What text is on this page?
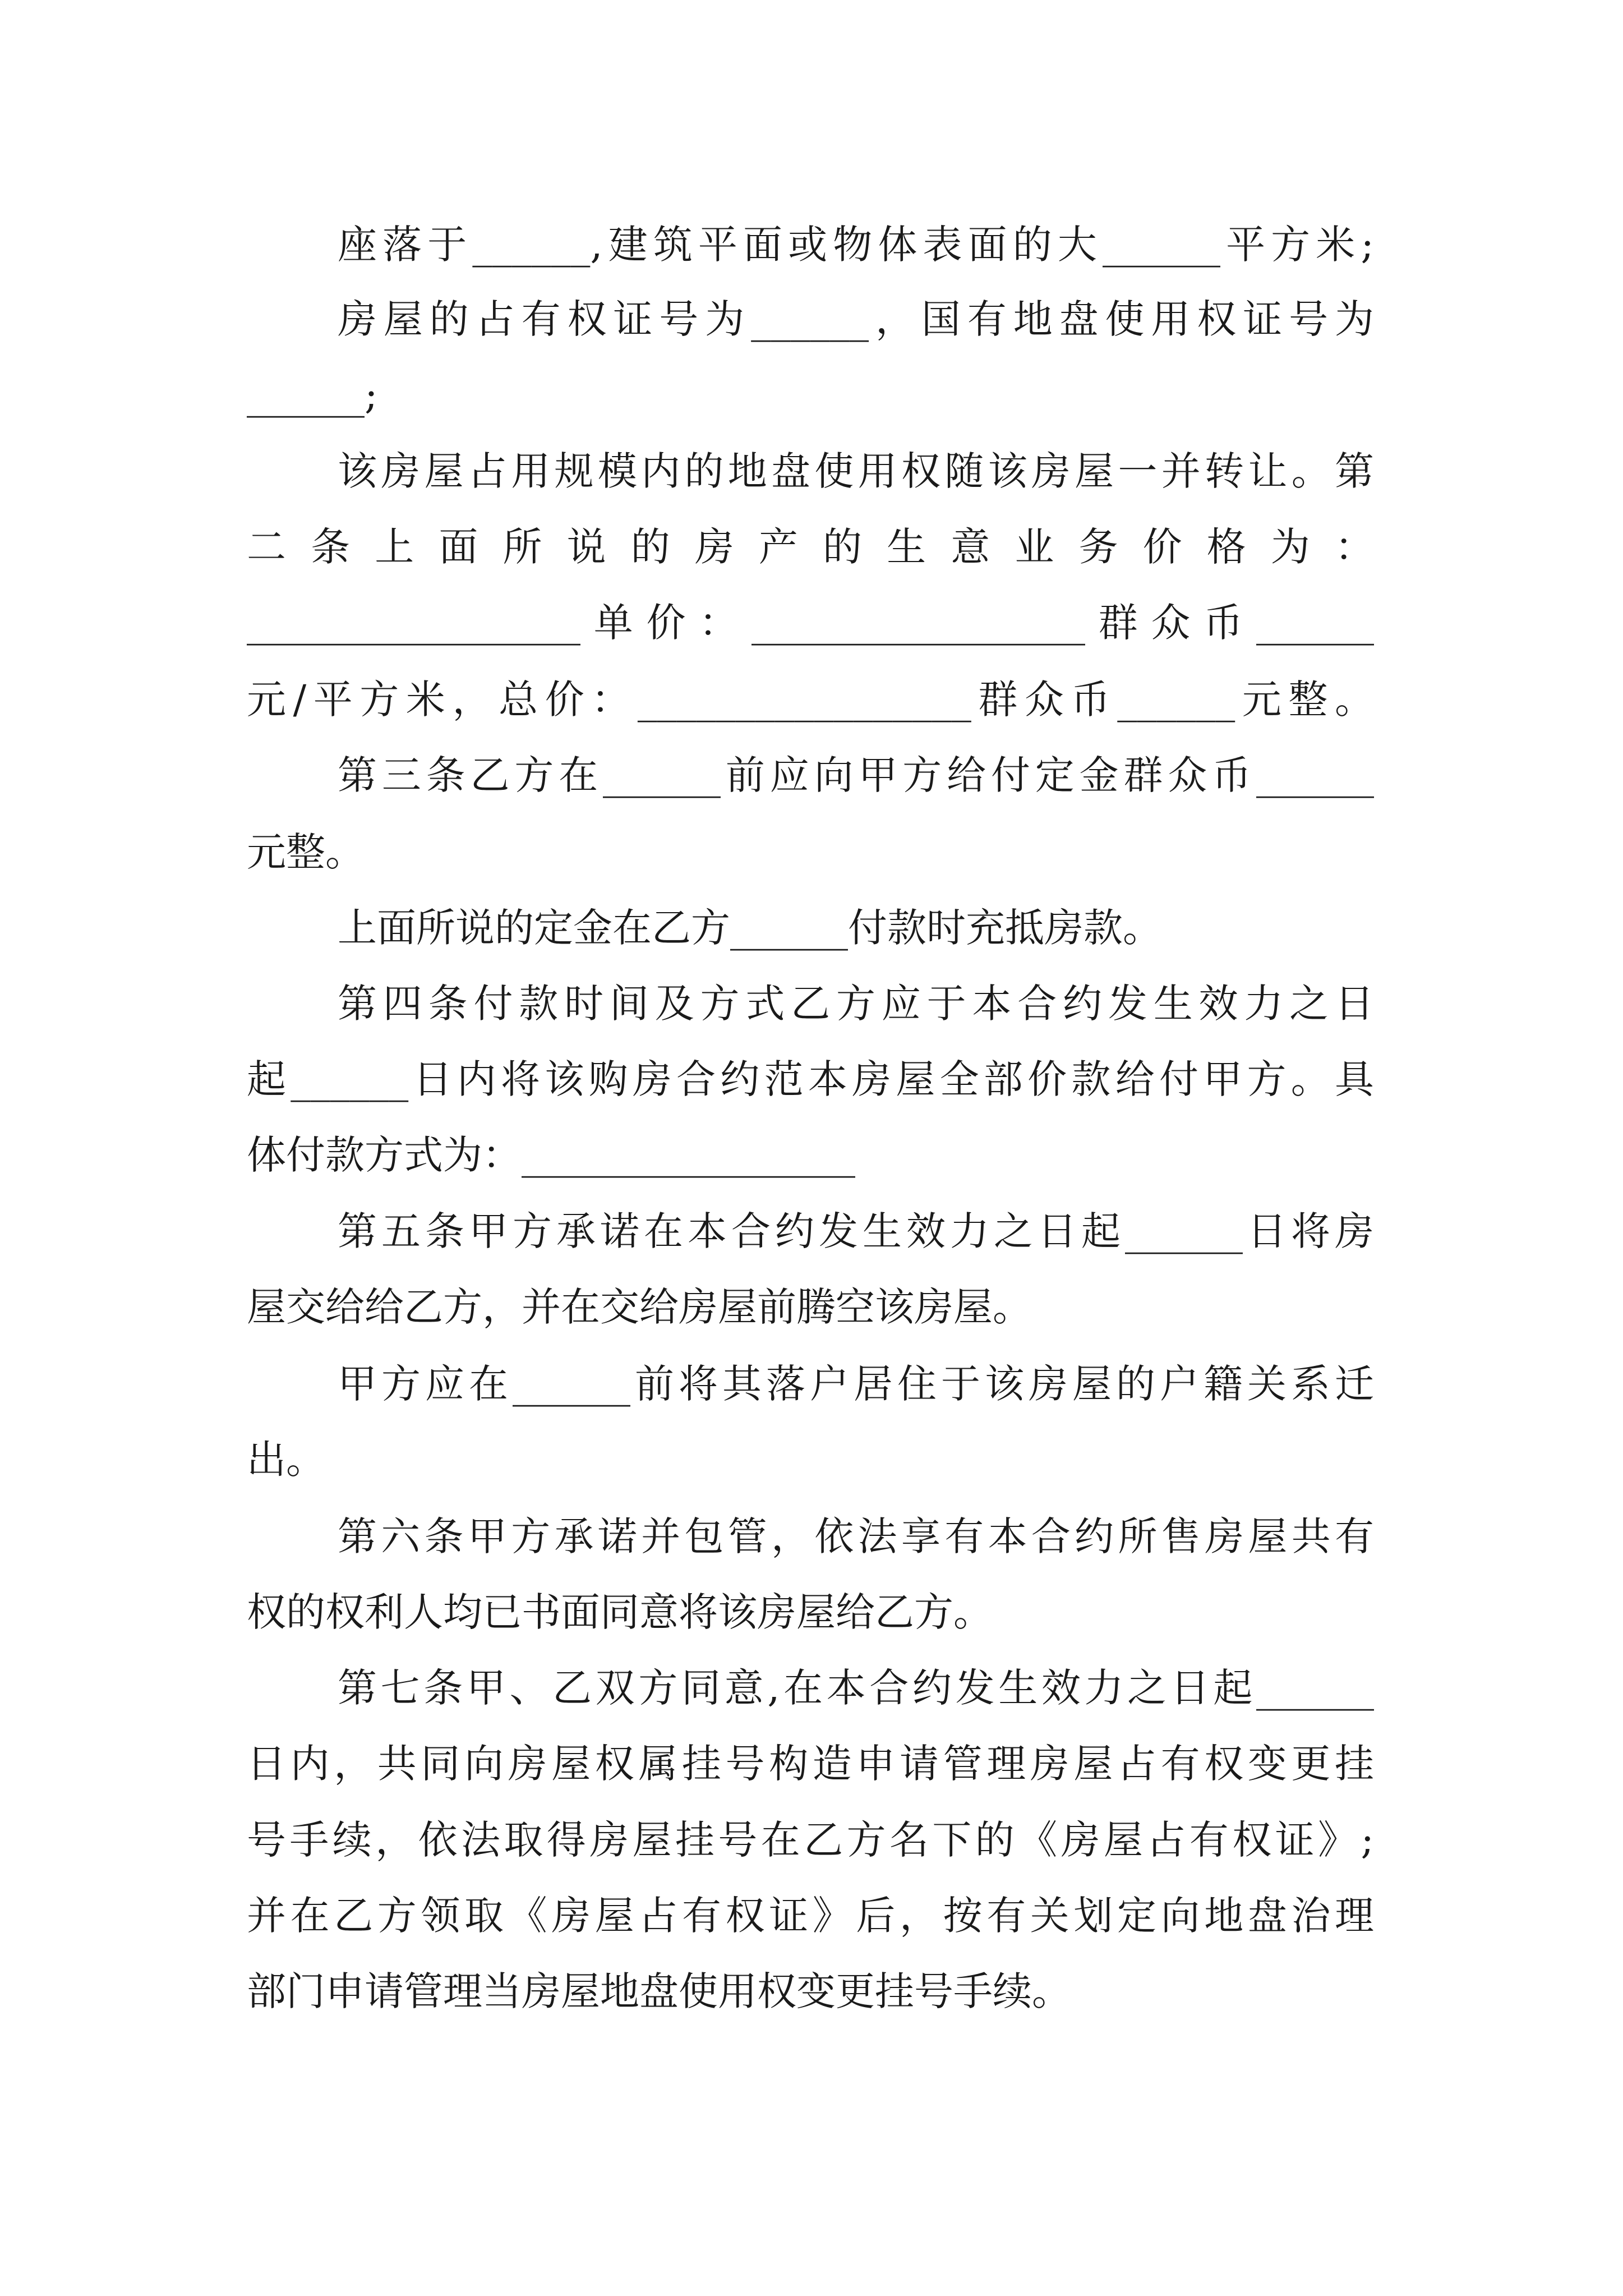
座落于______,建筑平面或物体表面的大______平方米;

房屋的占有权证号为______，国有地盘使用权证号为

______;

该房屋占用规模内的地盘使用权随该房屋一并转让。第

二 条 上 面 所 说 的 房 产 的 生 意 业 务 价 格 为 ：

_________________单价：_________________群众币______

元/平方米，总价：_________________群众币______元整。

第三条乙方在______前应向甲方给付定金群众币______

元整。

上面所说的定金在乙方______付款时充抵房款。

第四条付款时间及方式乙方应于本合约发生效力之日

起______日内将该购房合约范本房屋全部价款给付甲方。具

体付款方式为：_________________

第五条甲方承诺在本合约发生效力之日起______日将房

屋交给给乙方，并在交给房屋前腾空该房屋。

甲方应在______前将其落户居住于该房屋的户籍关系迁

出。

第六条甲方承诺并包管，依法享有本合约所售房屋共有

权的权利人均已书面同意将该房屋给乙方。

第七条甲、乙双方同意,在本合约发生效力之日起______

日内，共同向房屋权属挂号构造申请管理房屋占有权变更挂

号手续，依法取得房屋挂号在乙方名下的《房屋占有权证》;

并在乙方领取《房屋占有权证》后，按有关划定向地盘治理

部门申请管理当房屋地盘使用权变更挂号手续。
